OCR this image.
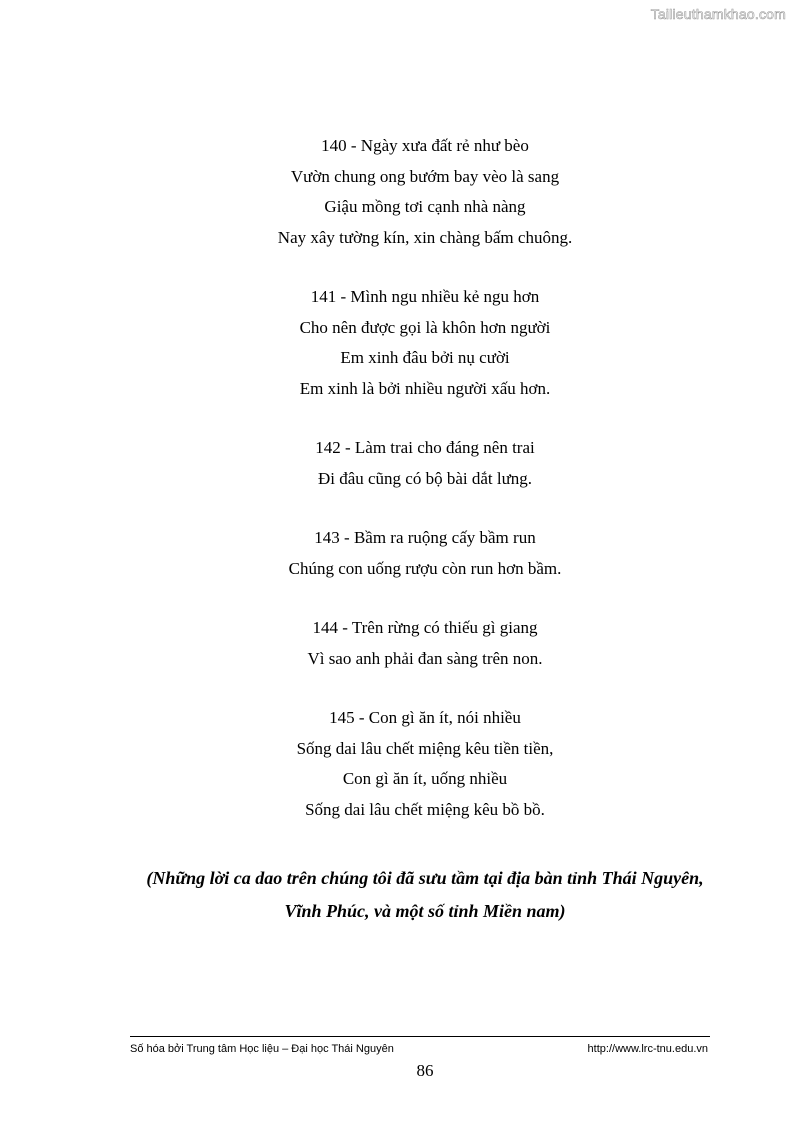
Tailieuthamkhao.com
140 - Ngày xưa đất rẻ như bèo
Vườn chung ong bướm bay vèo là sang
Giậu mồng tơi cạnh nhà nàng
Nay xây tường kín, xin chàng bấm chuông.
141 - Mình ngu nhiều kẻ ngu hơn
Cho nên được gọi là khôn hơn người
Em xinh đâu bởi nụ cười
Em xinh là bởi nhiều người xấu hơn.
142 - Làm trai cho đáng nên trai
Đi đâu cũng có bộ bài dắt lưng.
143 - Bầm ra ruộng cấy bầm run
Chúng con uống rượu còn run hơn bầm.
144 - Trên rừng có thiếu gì giang
Vì sao anh phải đan sàng trên non.
145 - Con gì ăn ít, nói nhiều
Sống dai lâu chết miệng kêu tiền tiền,
Con gì ăn ít, uống nhiều
Sống dai lâu chết miệng kêu bồ bồ.
(Những lời ca dao trên chúng tôi đã sưu tầm tại địa bàn tỉnh Thái Nguyên,
Vĩnh Phúc, và một số tỉnh Miền nam)
Số hóa bởi Trung tâm Học liệu – Đại học Thái Nguyên	http://www.lrc-tnu.edu.vn
86
